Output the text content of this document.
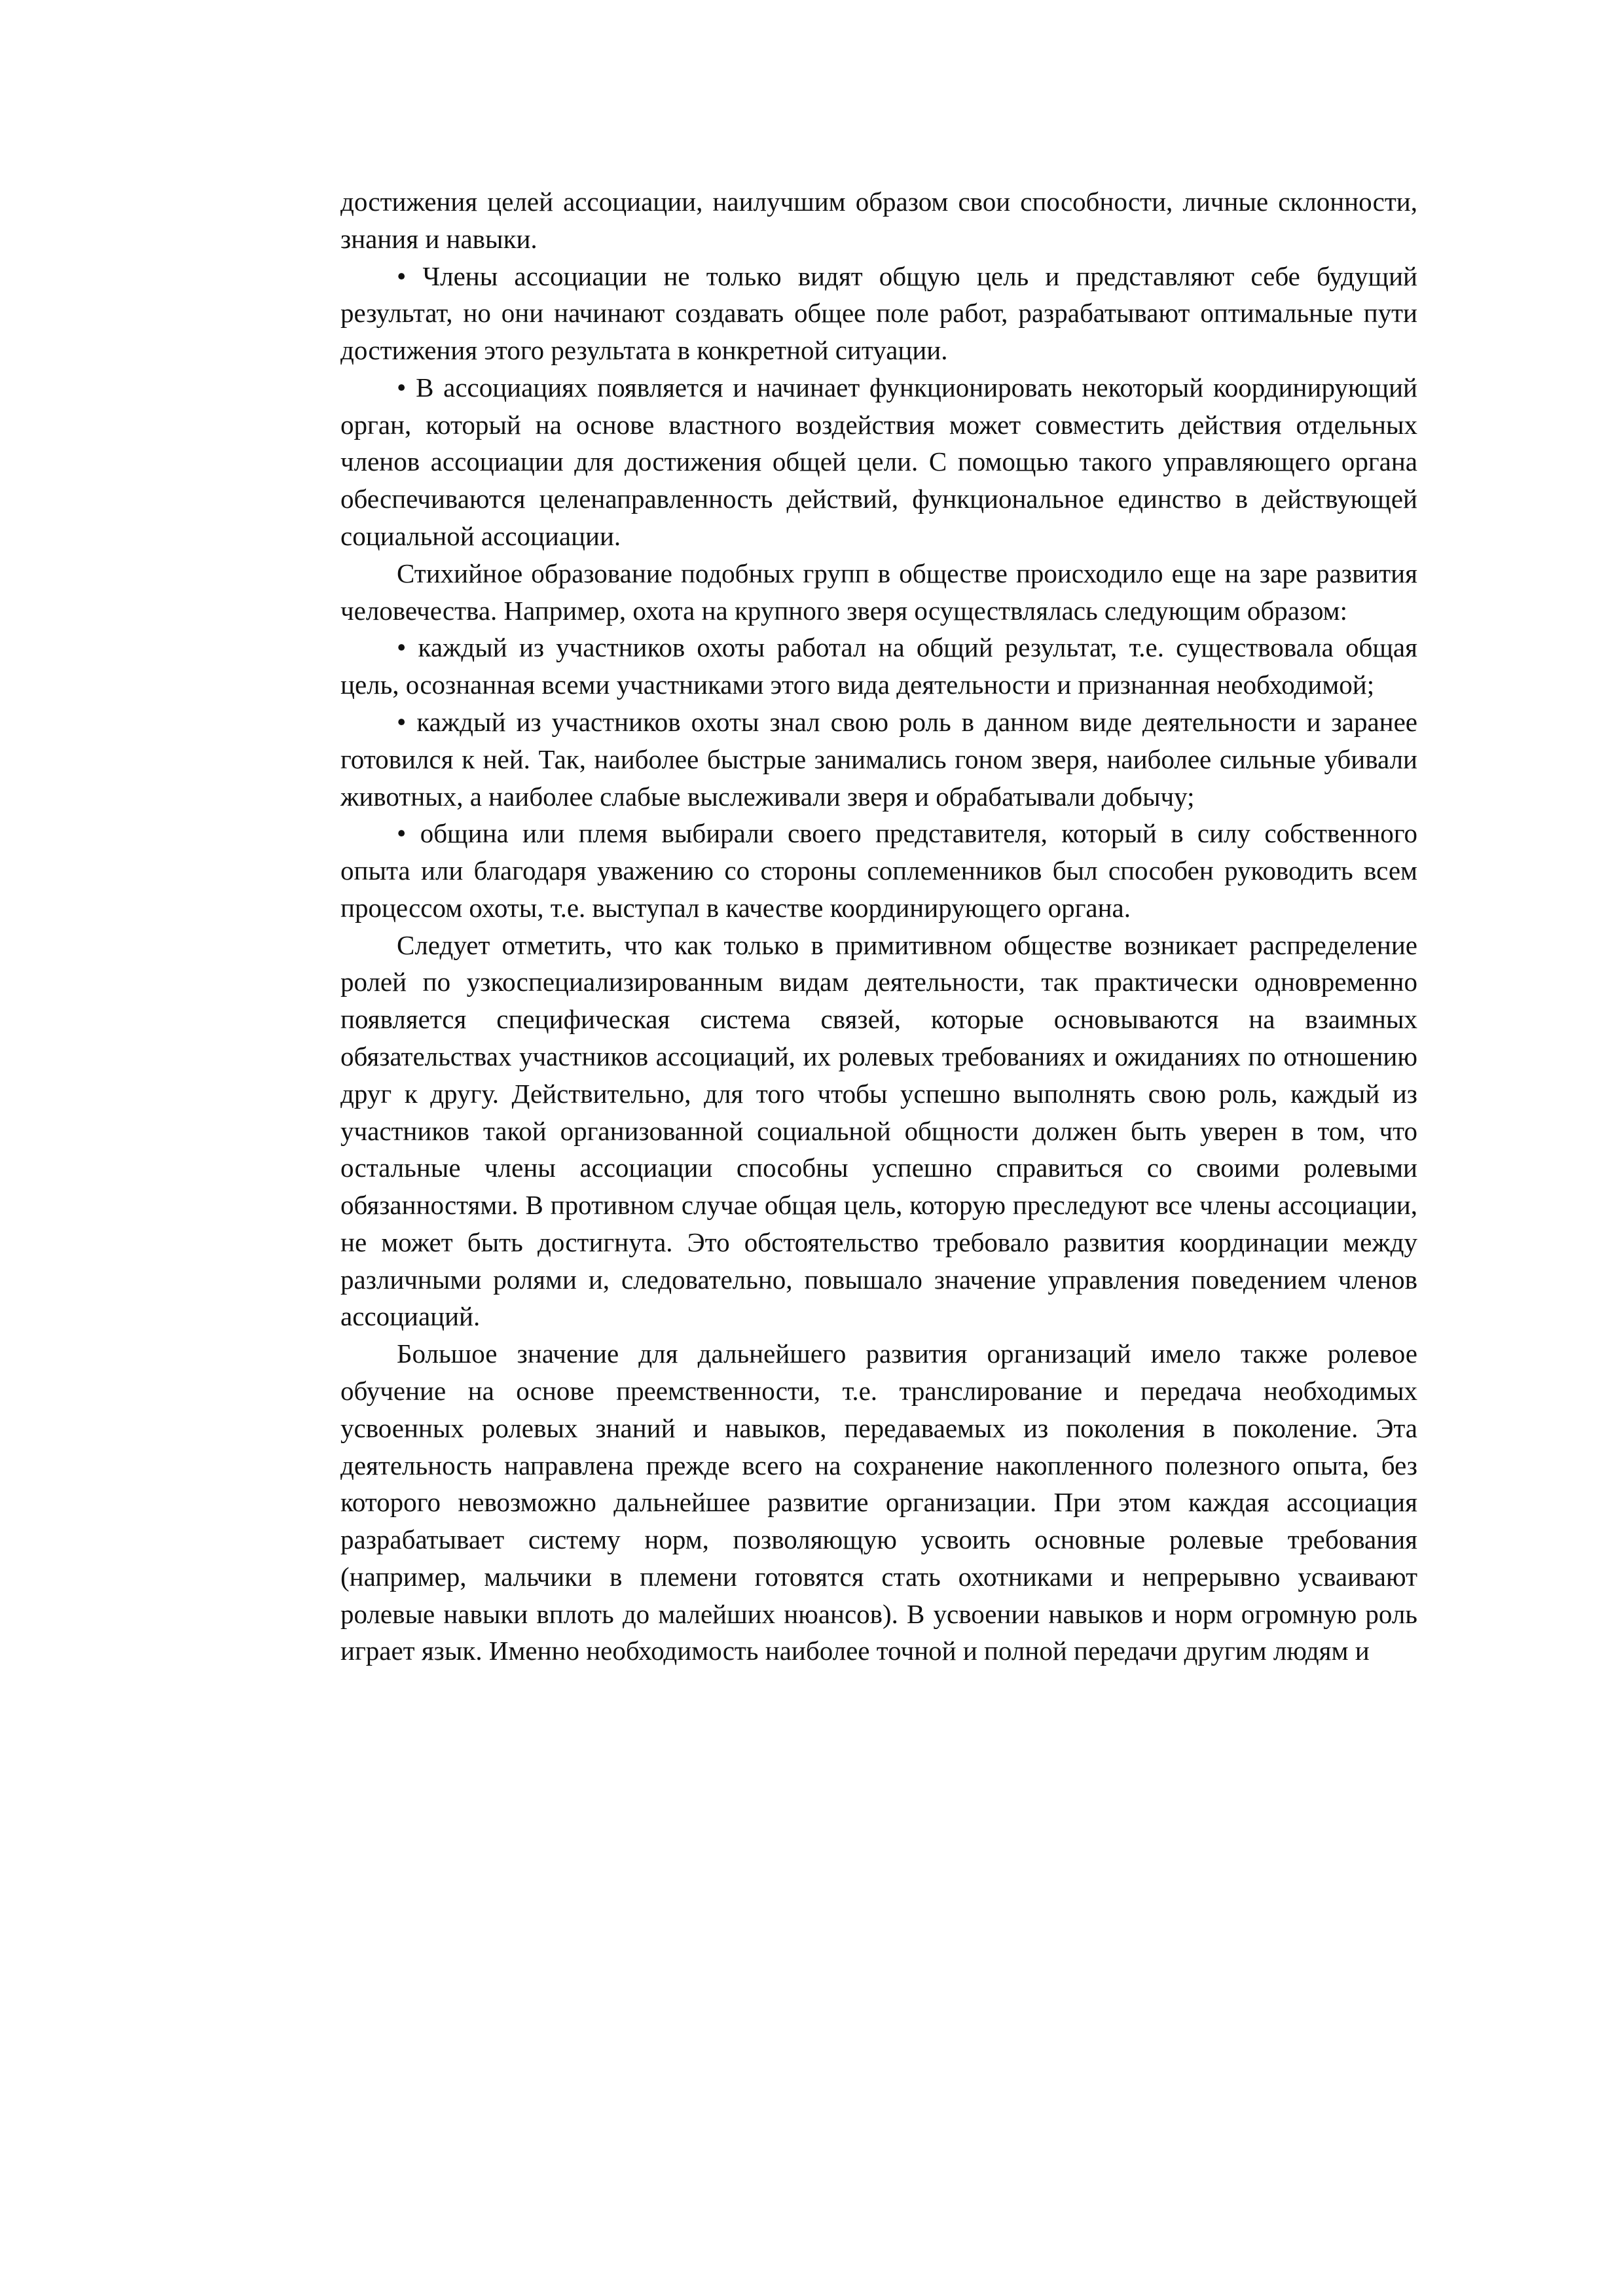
достижения целей ассоциации, наилучшим образом свои способности, личные склонности, знания и навыки.

• Члены ассоциации не только видят общую цель и представляют себе будущий результат, но они начинают создавать общее поле работ, разрабатывают оптимальные пути достижения этого результата в конкретной ситуации.

• В ассоциациях появляется и начинает функционировать некоторый координирующий орган, который на основе властного воздействия может совместить действия отдельных членов ассоциации для достижения общей цели. С помощью такого управляющего органа обеспечиваются целенаправленность действий, функциональное единство в действующей социальной ассоциации.

Стихийное образование подобных групп в обществе происходило еще на заре развития человечества. Например, охота на крупного зверя осуществлялась следующим образом:

• каждый из участников охоты работал на общий результат, т.е. существовала общая цель, осознанная всеми участниками этого вида деятельности и признанная необходимой;

• каждый из участников охоты знал свою роль в данном виде деятельности и заранее готовился к ней. Так, наиболее быстрые занимались гоном зверя, наиболее сильные убивали животных, а наиболее слабые выслеживали зверя и обрабатывали добычу;

• община или племя выбирали своего представителя, который в силу собственного опыта или благодаря уважению со стороны соплеменников был способен руководить всем процессом охоты, т.е. выступал в качестве координирующего органа.

Следует отметить, что как только в примитивном обществе возникает распределение ролей по узкоспециализированным видам деятельности, так практически одновременно появляется специфическая система связей, которые основываются на взаимных обязательствах участников ассоциаций, их ролевых требованиях и ожиданиях по отношению друг к другу. Действительно, для того чтобы успешно выполнять свою роль, каждый из участников такой организованной социальной общности должен быть уверен в том, что остальные члены ассоциации способны успешно справиться со своими ролевыми обязанностями. В противном случае общая цель, которую преследуют все члены ассоциации, не может быть достигнута. Это обстоятельство требовало развития координации между различными ролями и, следовательно, повышало значение управления поведением членов ассоциаций.

Большое значение для дальнейшего развития организаций имело также ролевое обучение на основе преемственности, т.е. транслирование и передача необходимых усвоенных ролевых знаний и навыков, передаваемых из поколения в поколение. Эта деятельность направлена прежде всего на сохранение накопленного полезного опыта, без которого невозможно дальнейшее развитие организации. При этом каждая ассоциация разрабатывает систему норм, позволяющую усвоить основные ролевые требования (например, мальчики в племени готовятся стать охотниками и непрерывно усваивают ролевые навыки вплоть до малейших нюансов). В усвоении навыков и норм огромную роль играет язык. Именно необходимость наиболее точной и полной передачи другим людям и
